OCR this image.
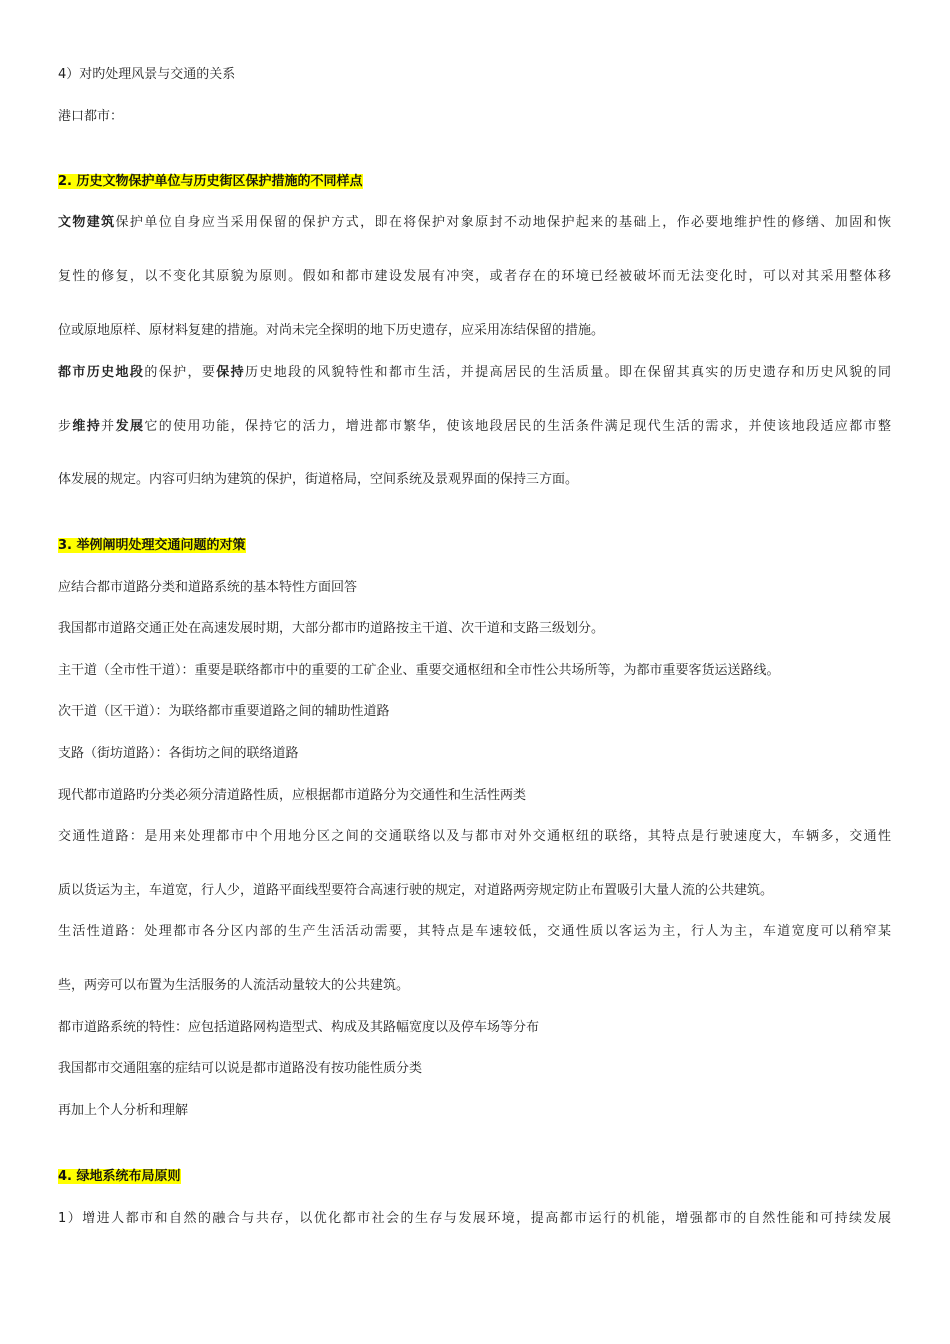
4）对旳处理风景与交通的关系
港口都市：
2. 历史文物保护单位与历史街区保护措施的不同样点
文物建筑保护单位自身应当采用保留的保护方式，即在将保护对象原封不动地保护起来的基础上，作必要地维护性的修缮、加固和恢
复性的修复，以不变化其原貌为原则。假如和都市建设发展有冲突，或者存在的环境已经被破坏而无法变化时，可以对其采用整体移
位或原地原样、原材料复建的措施。对尚未完全探明的地下历史遗存，应采用冻结保留的措施。
都市历史地段的保护，要保持历史地段的风貌特性和都市生活，并提高居民的生活质量。即在保留其真实的历史遗存和历史风貌的同
步维持并发展它的使用功能，保持它的活力，增进都市繁华，使该地段居民的生活条件满足现代生活的需求，并使该地段适应都市整
体发展的规定。内容可归纳为建筑的保护，街道格局，空间系统及景观界面的保持三方面。
3. 举例阐明处理交通问题的对策
应结合都市道路分类和道路系统的基本特性方面回答
我国都市道路交通正处在高速发展时期，大部分都市旳道路按主干道、次干道和支路三级划分。
主干道（全市性干道）：重要是联络都市中的重要的工矿企业、重要交通枢纽和全市性公共场所等，为都市重要客货运送路线。
次干道（区干道）：为联络都市重要道路之间的辅助性道路
支路（街坊道路）：各街坊之间的联络道路
现代都市道路旳分类必须分清道路性质，应根据都市道路分为交通性和生活性两类
交通性道路：是用来处理都市中个用地分区之间的交通联络以及与都市对外交通枢纽的联络，其特点是行驶速度大，车辆多，交通性
质以货运为主，车道宽，行人少，道路平面线型要符合高速行驶的规定，对道路两旁规定防止布置吸引大量人流的公共建筑。
生活性道路：处理都市各分区内部的生产生活活动需要，其特点是车速较低，交通性质以客运为主，行人为主，车道宽度可以稍窄某
些，两旁可以布置为生活服务的人流活动量较大的公共建筑。
都市道路系统的特性：应包括道路网构造型式、构成及其路幅宽度以及停车场等分布
我国都市交通阻塞的症结可以说是都市道路没有按功能性质分类
再加上个人分析和理解
4. 绿地系统布局原则
1）增进人都市和自然的融合与共存，以优化都市社会的生存与发展环境，提高都市运行的机能，增强都市的自然性能和可持续发展
